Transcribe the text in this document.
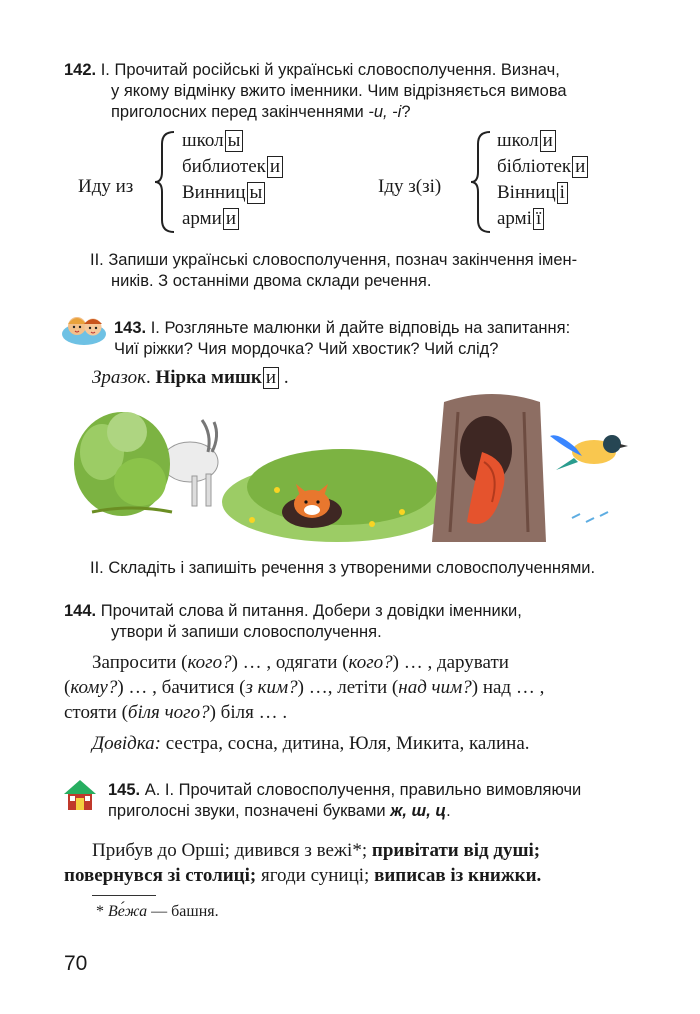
142. І. Прочитай російські й українські словосполучення. Визнач,
у якому відмінку вжито іменники. Чим відрізняється вимова
приголосних перед закінченнями -и, -і?
Иду из
школ ы
библиотек и
Винниц ы
арми и
Іду з(зі)
школ и
бібліотек и
Вінниц і
армі ї
ІІ. Запиши українські словосполучення, познач закінчення імен-
ників. З останніми двома склади речення.
143. І. Розгляньте малюнки й дайте відповідь на запитання:
Чиї ріжки? Чия мордочка? Чий хвостик? Чий слід?
Зразок. Нірка мишк и .
ІІ. Складіть і запишіть речення з утвореними словосполученнями.
144. Прочитай слова й питання. Добери з довідки іменники,
утвори й запиши словосполучення.
Запросити (кого?) … , одягати (кого?) … , дарувати
(кому?) … , бачитися (з ким?) …, летіти (над чим?) над … ,
стояти (біля чого?) біля … .
Довідка: сестра, сосна, дитина, Юля, Микита, калина.
145. А. І. Прочитай словосполучення, правильно вимовляючи
приголосні звуки, позначені буквами ж, ш, ц.
Прибув до Орші; дивився з вежі*; привітати від душі;
повернувся зі столиці; ягоди суниці; виписав із книжки.
* Ве́жа — башня.
70
